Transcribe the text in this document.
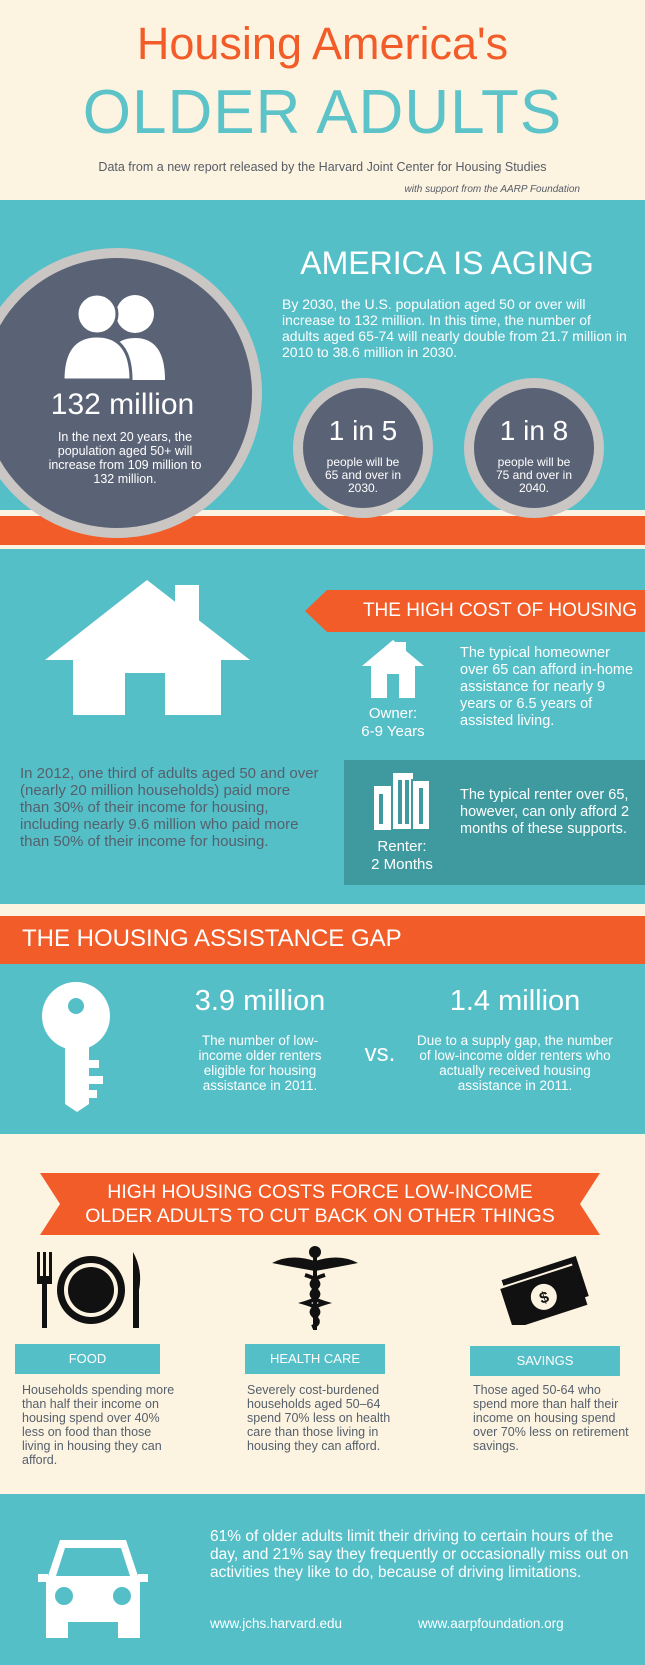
Housing America's
OLDER ADULTS
Data from a new report released by the Harvard Joint Center for Housing Studies
with support from the AARP Foundation
AMERICA IS AGING
By 2030, the U.S. population aged 50 or over will increase to 132 million. In this time, the number of adults aged 65-74 will nearly double from 21.7 million in 2010 to 38.6 million in 2030.
132 million
In the next 20 years, the population aged 50+ will increase from 109 million to 132 million.
1 in 5
people will be 65 and over in 2030.
1 in 8
people will be 75 and over in 2040.
THE HIGH COST OF HOUSING
In 2012, one third of adults aged 50 and over (nearly 20 million households) paid more than 30% of their income for housing, including nearly 9.6 million who paid more than 50% of their income for housing.
Owner:
6-9 Years
The typical homeowner over 65 can afford in-home assistance for nearly 9 years or 6.5 years of assisted living.
Renter:
2 Months
The typical renter over 65, however, can only afford 2 months of these supports.
THE HOUSING ASSISTANCE GAP
3.9 million
The number of low-income older renters eligible for housing assistance in 2011.
vs.
1.4 million
Due to a supply gap, the number of low-income older renters who actually received housing assistance in 2011.
HIGH HOUSING COSTS FORCE LOW-INCOME
OLDER ADULTS TO CUT BACK ON OTHER THINGS
FOOD
Households spending more than half their income on housing spend over 40% less on food than those living in housing they can afford.
HEALTH CARE
Severely cost-burdened households aged 50–64 spend 70% less on health care than those living in housing they can afford.
$
SAVINGS
Those aged 50-64 who spend more than half their income on housing spend over 70% less on retirement savings.
61% of older adults limit their driving to certain hours of the day, and 21% say they frequently or occasionally miss out on activities they like to do, because of driving limitations.
www.jchs.harvard.edu	www.aarpfoundation.org
